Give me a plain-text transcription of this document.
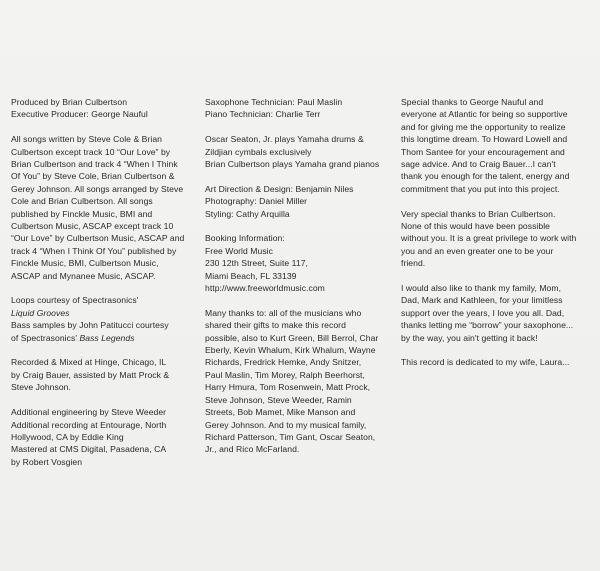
Produced by Brian Culbertson
Executive Producer: George Nauful
All songs written by Steve Cole & Brian
Culbertson except track 10 “Our Love” by
Brian Culbertson and track 4 “When I Think
Of You” by Steve Cole, Brian Culbertson &
Gerey Johnson. All songs arranged by Steve
Cole and Brian Culbertson. All songs
published by Finckle Music, BMI and
Culbertson Music, ASCAP except track 10
“Our Love” by Culbertson Music, ASCAP and
track 4 “When I Think Of You” published by
Finckle Music, BMI, Culbertson Music,
ASCAP and Mynanee Music, ASCAP.
Loops courtesy of Spectrasonics'
Liquid Grooves
Bass samples by John Patitucci courtesy
of Spectrasonics' Bass Legends
Recorded & Mixed at Hinge, Chicago, IL
by Craig Bauer, assisted by Matt Prock &
Steve Johnson.
Additional engineering by Steve Weeder
Additional recording at Entourage, North
Hollywood, CA by Eddie King
Mastered at CMS Digital, Pasadena, CA
by Robert Vosgien
Saxophone Technician: Paul Maslin
Piano Technician: Charlie Terr
Oscar Seaton, Jr. plays Yamaha drums &
Zildjian cymbals exclusively
Brian Culbertson plays Yamaha grand pianos
Art Direction & Design: Benjamin Niles
Photography: Daniel Miller
Styling: Cathy Arquilla
Booking Information:
Free World Music
230 12th Street, Suite 117,
Miami Beach, FL 33139
http://www.freeworldmusic.com
Many thanks to: all of the musicians who
shared their gifts to make this record
possible, also to Kurt Green, Bill Berrol, Char
Eberly, Kevin Whalum, Kirk Whalum, Wayne
Richards, Fredrick Hemke, Andy Snitzer,
Paul Maslin, Tim Morey, Ralph Beerhorst,
Harry Hmura, Tom Rosenwein, Matt Prock,
Steve Johnson, Steve Weeder, Ramin
Streets, Bob Mamet, Mike Manson and
Gerey Johnson. And to my musical family,
Richard Patterson, Tim Gant, Oscar Seaton,
Jr., and Rico McFarland.
Special thanks to George Nauful and
everyone at Atlantic for being so supportive
and for giving me the opportunity to realize
this longtime dream. To Howard Lowell and
Thom Santee for your encouragement and
sage advice. And to Craig Bauer...I can't
thank you enough for the talent, energy and
commitment that you put into this project.
Very special thanks to Brian Culbertson.
None of this would have been possible
without you. It is a great privilege to work with
you and an even greater one to be your
friend.
I would also like to thank my family, Mom,
Dad, Mark and Kathleen, for your limitless
support over the years, I love you all. Dad,
thanks letting me “borrow” your saxophone...
by the way, you ain't getting it back!
This record is dedicated to my wife, Laura...
